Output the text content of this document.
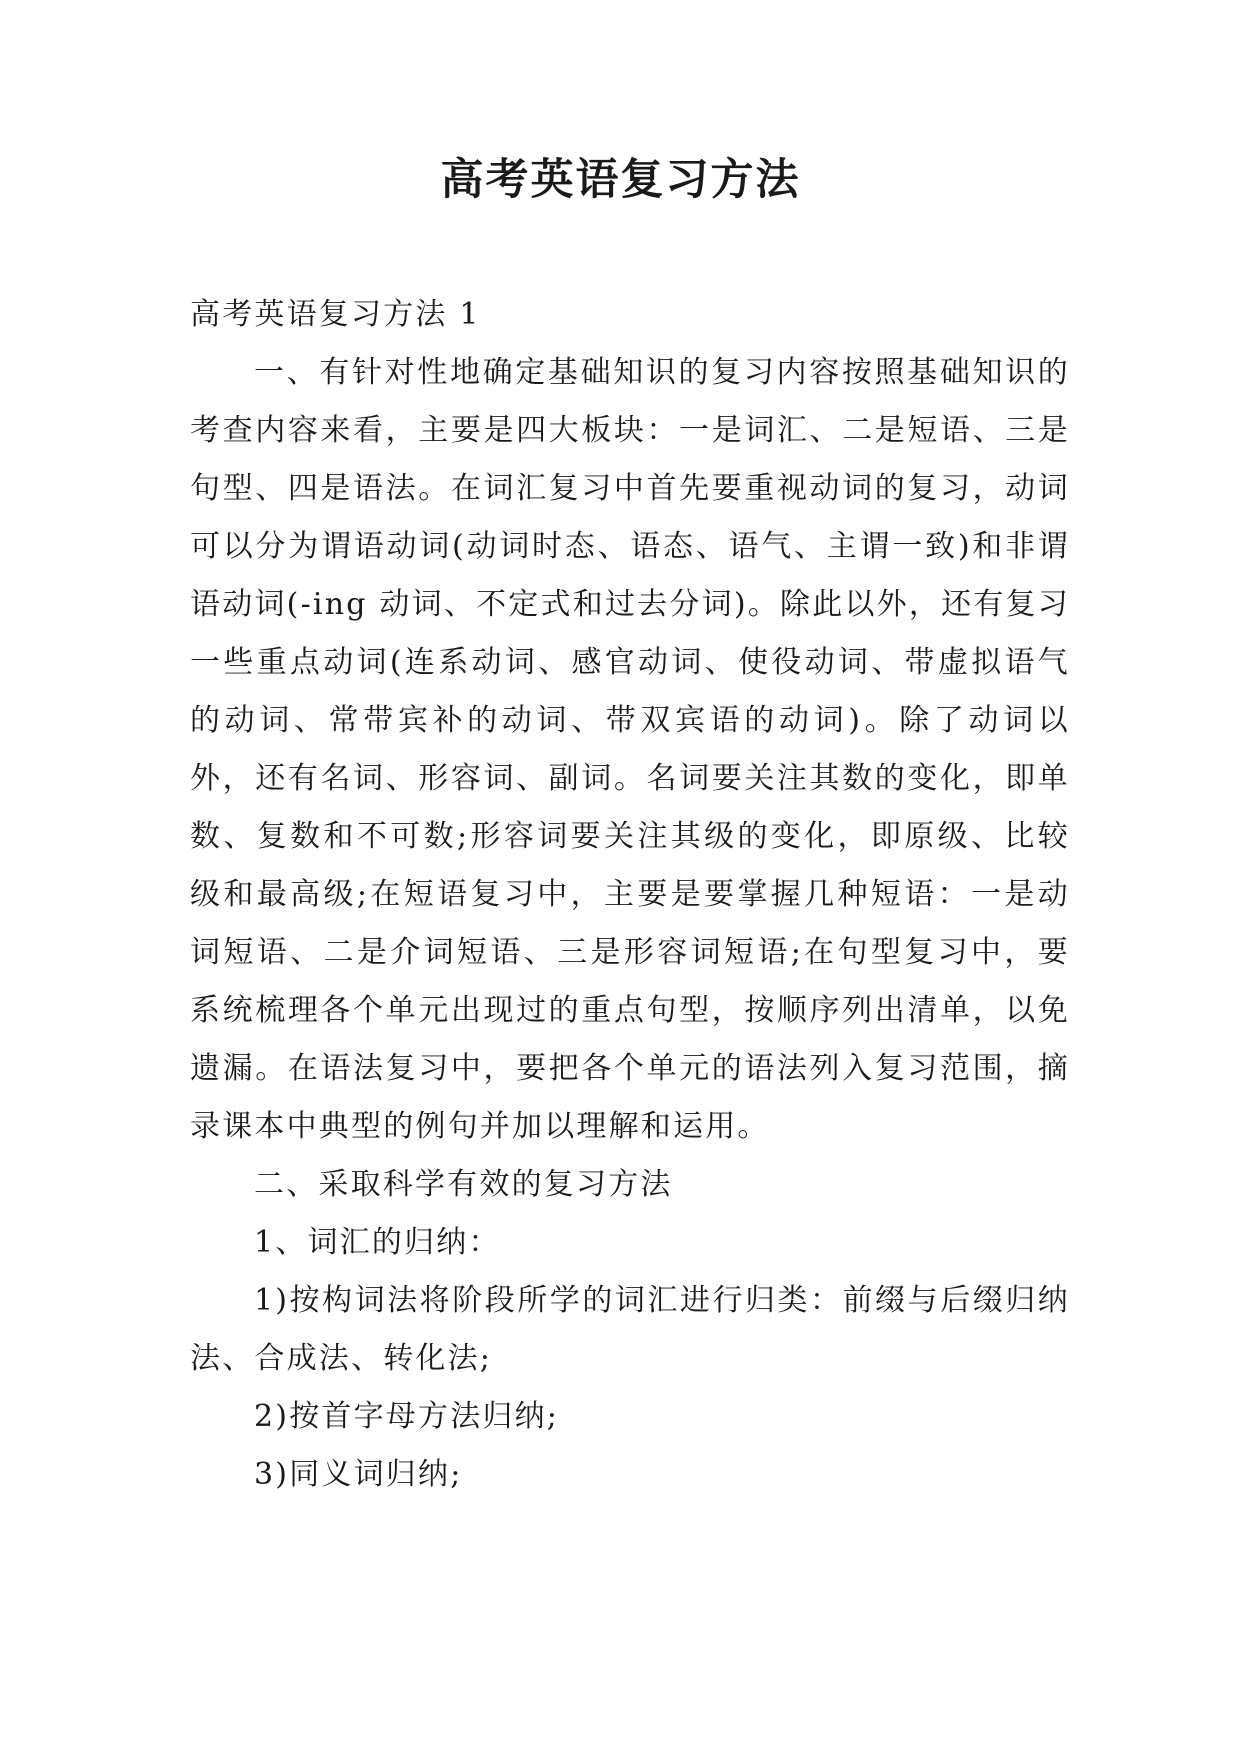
高考英语复习方法

高考英语复习方法 1

一、有针对性地确定基础知识的复习内容按照基础知识的考查内容来看，主要是四大板块：一是词汇、二是短语、三是句型、四是语法。在词汇复习中首先要重视动词的复习，动词可以分为谓语动词(动词时态、语态、语气、主谓一致)和非谓语动词(-ing 动词、不定式和过去分词)。除此以外，还有复习一些重点动词(连系动词、感官动词、使役动词、带虚拟语气的动词、常带宾补的动词、带双宾语的动词)。除了动词以外，还有名词、形容词、副词。名词要关注其数的变化，即单数、复数和不可数;形容词要关注其级的变化，即原级、比较级和最高级;在短语复习中，主要是要掌握几种短语：一是动词短语、二是介词短语、三是形容词短语;在句型复习中，要系统梳理各个单元出现过的重点句型，按顺序列出清单，以免遗漏。在语法复习中，要把各个单元的语法列入复习范围，摘录课本中典型的例句并加以理解和运用。

二、采取科学有效的复习方法

1、词汇的归纳：

1)按构词法将阶段所学的词汇进行归类：前缀与后缀归纳法、合成法、转化法;

2)按首字母方法归纳;

3)同义词归纳;
